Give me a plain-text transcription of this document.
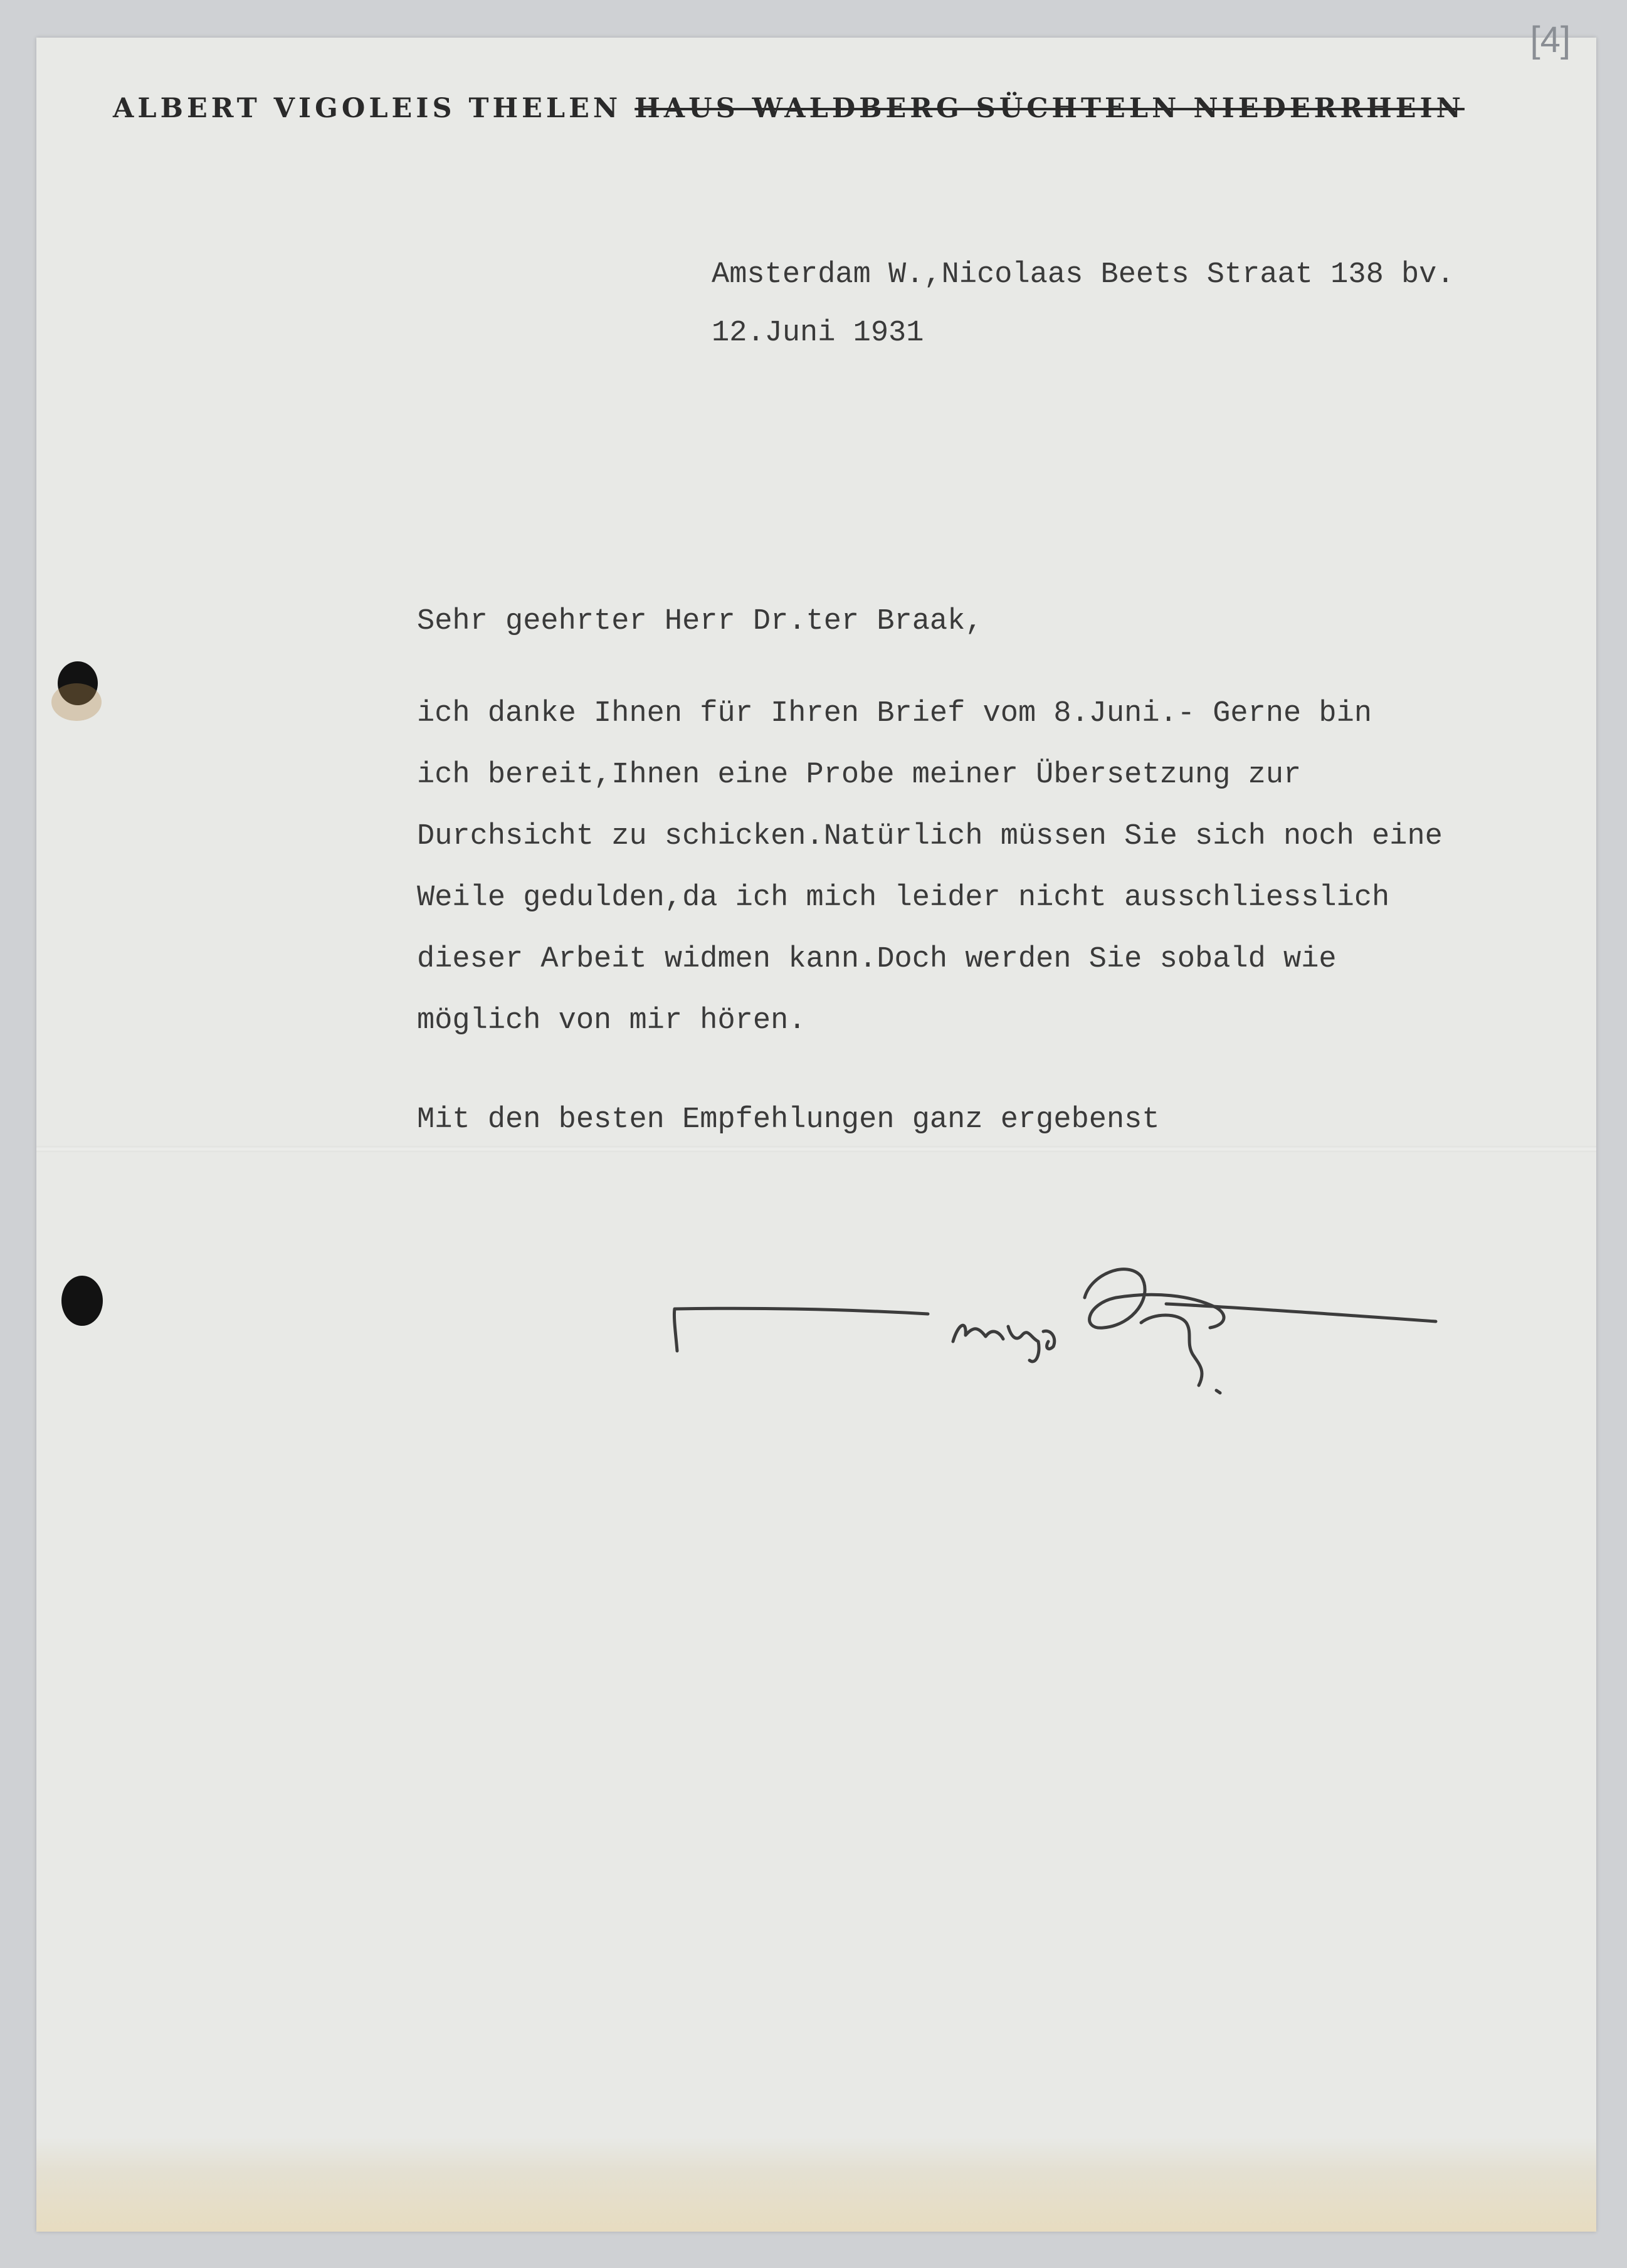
[4]
ALBERT VIGOLEIS THELEN HAUS WALDBERG SÜCHTELN NIEDERRHEIN
Amsterdam W.,Nicolaas Beets Straat 138 bv.
12.Juni 1931
Sehr geehrter Herr Dr.ter Braak,
ich danke Ihnen für Ihren Brief vom 8.Juni.- Gerne bin
ich bereit,Ihnen eine Probe meiner Übersetzung zur
Durchsicht zu schicken.Natürlich müssen Sie sich noch eine
Weile gedulden,da ich mich leider nicht ausschliesslich
dieser Arbeit widmen kann.Doch werden Sie sobald wie
möglich von mir hören.
Mit den besten Empfehlungen ganz ergebenst
